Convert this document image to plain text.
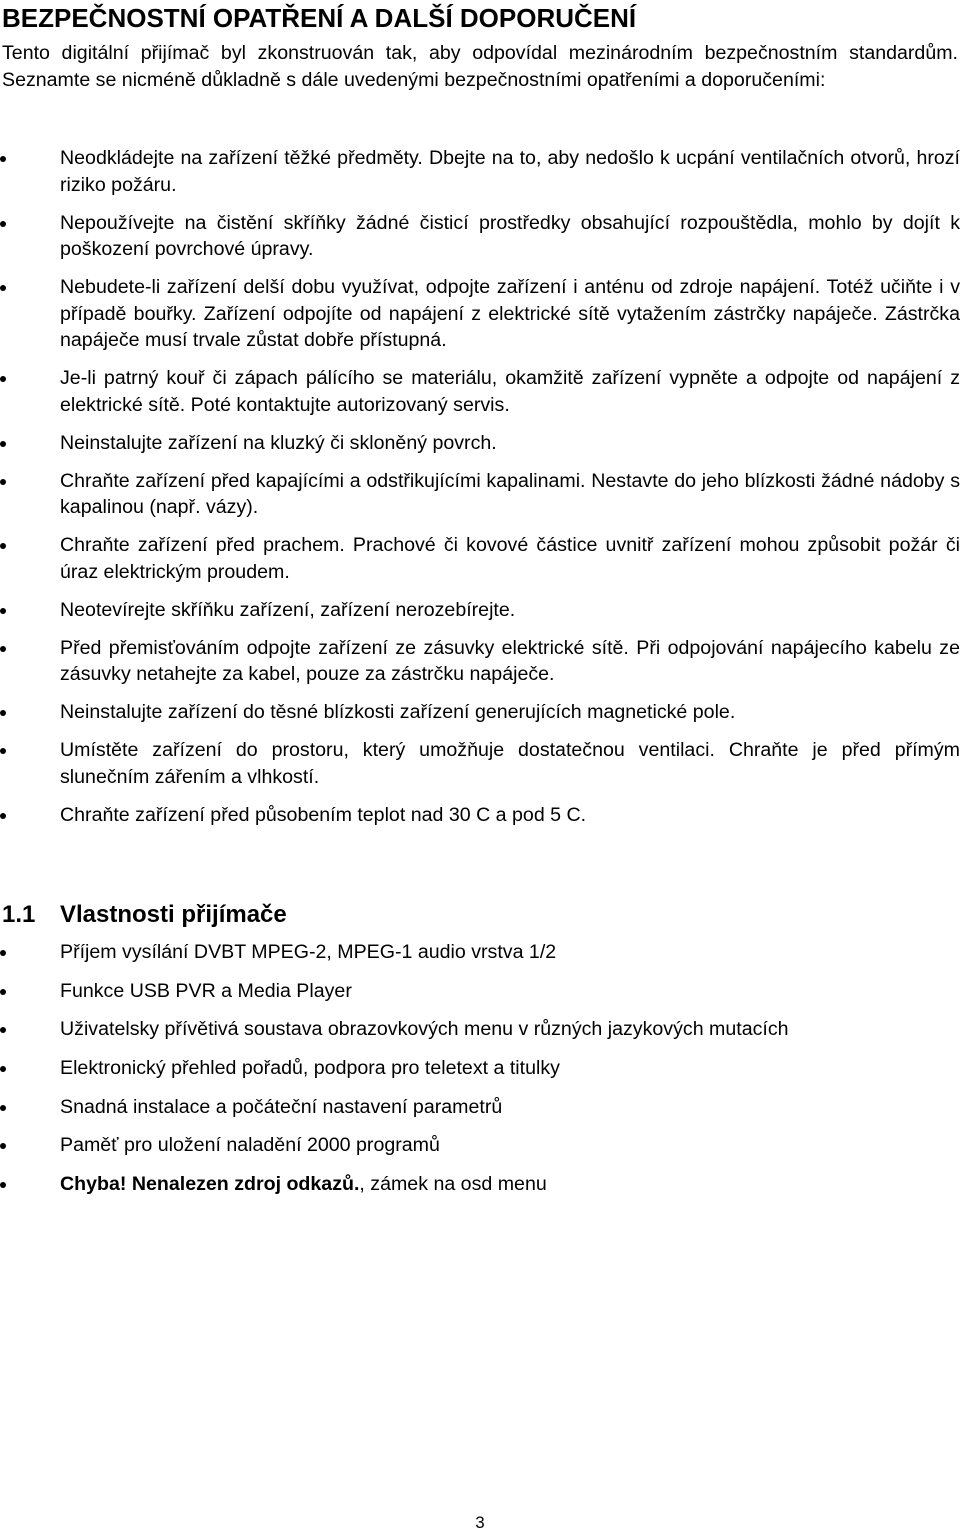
BEZPEČNOSTNÍ OPATŘENÍ A DALŠÍ DOPORUČENÍ

Tento digitální přijímač byl zkonstruován tak, aby odpovídal mezinárodním bezpečnostním standardům. Seznamte se nicméně důkladně s dále uvedenými bezpečnostními opatřeními a doporučeními:

Neodkládejte na zařízení těžké předměty. Dbejte na to, aby nedošlo k ucpání ventilačních otvorů, hrozí riziko požáru.
Nepoužívejte na čistění skříňky žádné čisticí prostředky obsahující rozpouštědla, mohlo by dojít k poškození povrchové úpravy.
Nebudete-li zařízení delší dobu využívat, odpojte zařízení i anténu od zdroje napájení. Totéž učiňte i v případě bouřky. Zařízení odpojíte od napájení z elektrické sítě vytažením zástrčky napáječe. Zástrčka napáječe musí trvale zůstat dobře přístupná.
Je-li patrný kouř či zápach pálícího se materiálu, okamžitě zařízení vypněte a odpojte od napájení z elektrické sítě. Poté kontaktujte autorizovaný servis.
Neinstalujte zařízení na kluzký či skloněný povrch.
Chraňte zařízení před kapajícími a odstřikujícími kapalinami. Nestavte do jeho blízkosti žádné nádoby s kapalinou (např. vázy).
Chraňte zařízení před prachem. Prachové či kovové částice uvnitř zařízení mohou způsobit požár či úraz elektrickým proudem.
Neotevírejte skříňku zařízení, zařízení nerozebírejte.
Před přemisťováním odpojte zařízení ze zásuvky elektrické sítě. Při odpojování napájecího kabelu ze zásuvky netahejte za kabel, pouze za zástrčku napáječe.
Neinstalujte zařízení do těsné blízkosti zařízení generujících magnetické pole.
Umístěte zařízení do prostoru, který umožňuje dostatečnou ventilaci. Chraňte je před přímým slunečním zářením a vlhkostí.
Chraňte zařízení před působením teplot nad 30 C a pod 5 C.
1.1 Vlastnosti přijímače
Příjem vysílání DVBT MPEG-2, MPEG-1 audio vrstva 1/2
Funkce USB PVR a Media Player
Uživatelsky přívětivá soustava obrazovkových menu v různých jazykových mutacích
Elektronický přehled pořadů, podpora pro teletext a titulky
Snadná instalace a počáteční nastavení parametrů
Paměť pro uložení naladění 2000 programů
Chyba! Nenalezen zdroj odkazů., zámek na osd menu
3
